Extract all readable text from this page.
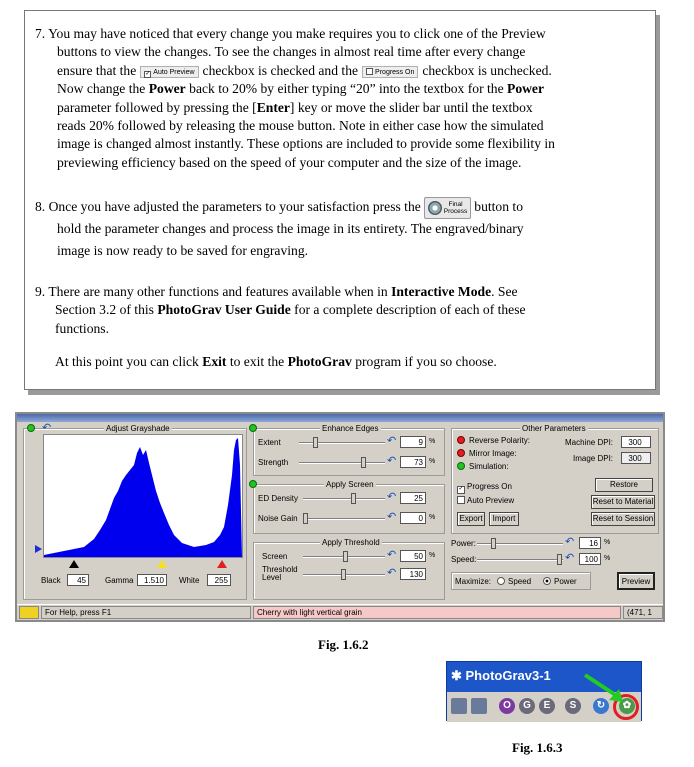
7. You may have noticed that every change you make requires you to click one of the Preview
buttons to view the changes. To see the changes in almost real time after every change
ensure that the ✓ Auto Preview checkbox is checked and the Progress On checkbox is unchecked.
Now change the Power back to 20% by either typing “20” into the textbox for the Power
parameter followed by pressing the [Enter] key or move the slider bar until the textbox
reads 20% followed by releasing the mouse button. Note in either case how the simulated
image is changed almost instantly. These options are included to provide some flexibility in
previewing efficiency based on the speed of your computer and the size of the image.
8. Once you have adjusted the parameters to your satisfaction press the	Final
Process button to
hold the parameter changes and process the image in its entirety. The engraved/binary
image is now ready to be saved for engraving.
9. There are many other functions and features available when in Interactive Mode. See
Section 3.2 of this PhotoGrav User Guide for a complete description of each of these
functions.
At this point you can click Exit to exit the PhotoGrav program if you so choose.
Adjust Grayshade
↶
Black	45	Gamma	1.510	White	255
Enhance Edges
Extent	↶	9 %
Strength	↶	73 %
Apply Screen
ED Density	↶	25
Noise Gain	↶	0 %
Apply Threshold
Screen	↶	50 %
Threshold
Level	↶	130
Other Parameters
Reverse Polarity:
Mirror Image:
Simulation:
Machine DPI:	300
Image DPI:	300
✓ Progress On
Auto Preview
Export	Import
Restore
Reset to Material
Reset to Session
Power:	↶	16 %
Speed:	↶	100 %
Maximize:	Speed	Power	Preview
For Help, press F1	Cherry with light vertical grain	(471, 1
Fig. 1.6.2
✱ PhotoGrav3-1
O	G	E	S	↻	✿
Fig. 1.6.3
